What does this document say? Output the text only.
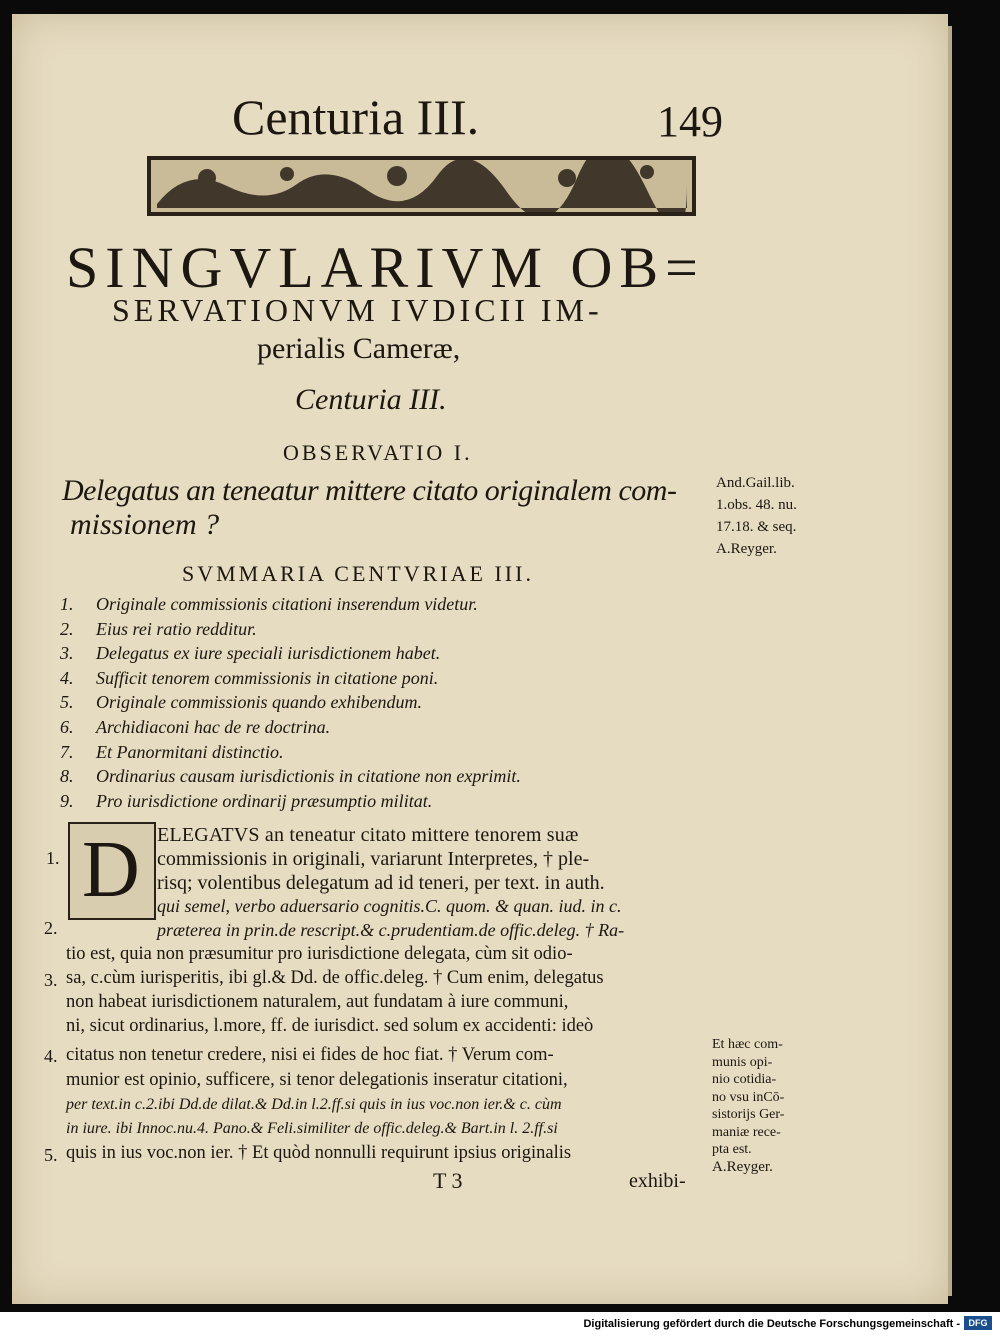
Centuria III.	149
SINGVLARIVM OB=
SERVATIONVM IVDICII IM-
perialis Cameræ,
Centuria III.
OBSERVATIO I.
Delegatus an teneatur mittere citato originalem com-
missionem ?
And.Gail.lib.
1.obs. 48. nu.
17.18. & seq.
A.Reyger.
SVMMARIA CENTVRIAE III.
1. Originale commissionis citationi inserendum videtur.
2. Eius rei ratio redditur.
3. Delegatus ex iure speciali iurisdictionem habet.
4. Sufficit tenorem commissionis in citatione poni.
5. Originale commissionis quando exhibendum.
6. Archidiaconi hac de re doctrina.
7. Et Panormitani distinctio.
8. Ordinarius causam iurisdictionis in citatione non exprimit.
9. Pro iurisdictione ordinarij præsumptio militat.
D ELEGATVS an teneatur citato mittere tenorem suæ
commissionis in originali, variarunt Interpretes, † ple-
risq; volentibus delegatum ad id teneri, per text. in auth.
qui semel, verbo aduersario cognitis.C. quom. & quan. iud. in c.
præterea in prin.de rescript.& c.prudentiam.de offic.deleg. † Ra-
tio est, quia non præsumitur pro iurisdictione delegata, cùm sit odio-
sa, c.cùm iurisperitis, ibi gl.& Dd. de offic.deleg. † Cum enim, delegatus
non habeat iurisdictionem naturalem, aut fundatam à iure communi,
ni, sicut ordinarius, l.more, ff. de iurisdict. sed solum ex accidenti: ideò
citatus non tenetur credere, nisi ei fides de hoc fiat. † Verum com-
munior est opinio, sufficere, si tenor delegationis inseratur citationi,
per text.in c.2.ibi Dd.de dilat.& Dd.in l.2.ff.si quis in ius voc.non ier.& c. cùm
in iure. ibi Innoc.nu.4. Pano.& Feli.similiter de offic.deleg.& Bart.in l. 2.ff.si
quis in ius voc.non ier. † Et quòd nonnulli requirunt ipsius originalis
1.
2.
3.
4.
5.
Et hæc com-
munis opi-
nio cotidia-
no vsu inCō-
sistorijs Ger-
maniæ rece-
pta est.
A.Reyger.
T 3	exhibi-
Digitalisierung gefördert durch die Deutsche Forschungsgemeinschaft - DFG
